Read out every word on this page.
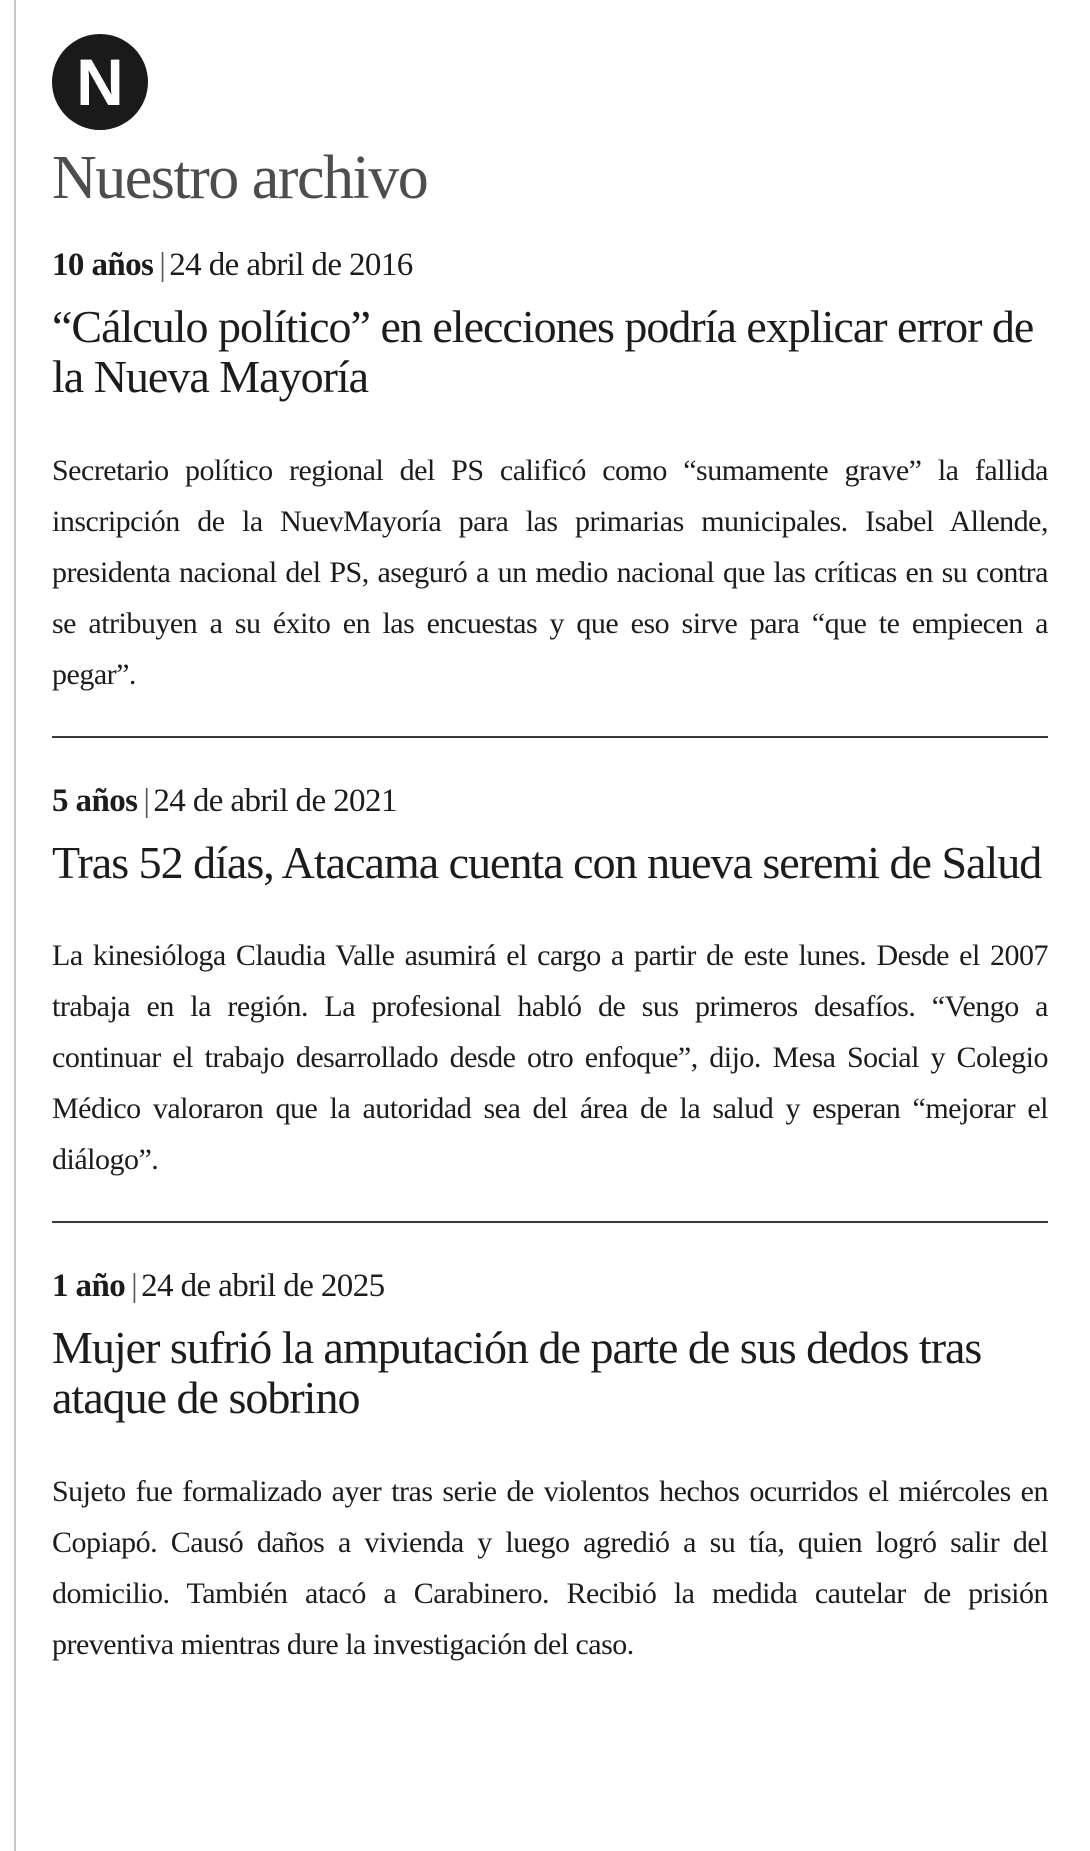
N
Nuestro archivo

10 años | 24 de abril de 2016

“Cálculo político” en elecciones podría explicar error de la Nueva Mayoría

Secretario político regional del PS calificó como “sumamente grave” la fallida inscripción de la NuevMayoría para las primarias municipales. Isabel Allende, presidenta nacional del PS, aseguró a un medio nacional que las críticas en su contra se atribuyen a su éxito en las encuestas y que eso sirve para “que te empiecen a pegar”.

5 años | 24 de abril de 2021

Tras 52 días, Atacama cuenta con nueva seremi de Salud

La kinesióloga Claudia Valle asumirá el cargo a partir de este lunes. Desde el 2007 trabaja en la región. La profesional habló de sus primeros desafíos. “Vengo a continuar el trabajo desarrollado desde otro enfoque”, dijo. Mesa Social y Colegio Médico valoraron que la autoridad sea del área de la salud y esperan “mejorar el diálogo”.

1 año | 24 de abril de 2025

Mujer sufrió la amputación de parte de sus dedos tras ataque de sobrino

Sujeto fue formalizado ayer tras serie de violentos hechos ocurridos el miércoles en Copiapó. Causó daños a vivienda y luego agredió a su tía, quien logró salir del domicilio. También atacó a Carabinero. Recibió la medida cautelar de prisión preventiva mientras dure la investigación del caso.
